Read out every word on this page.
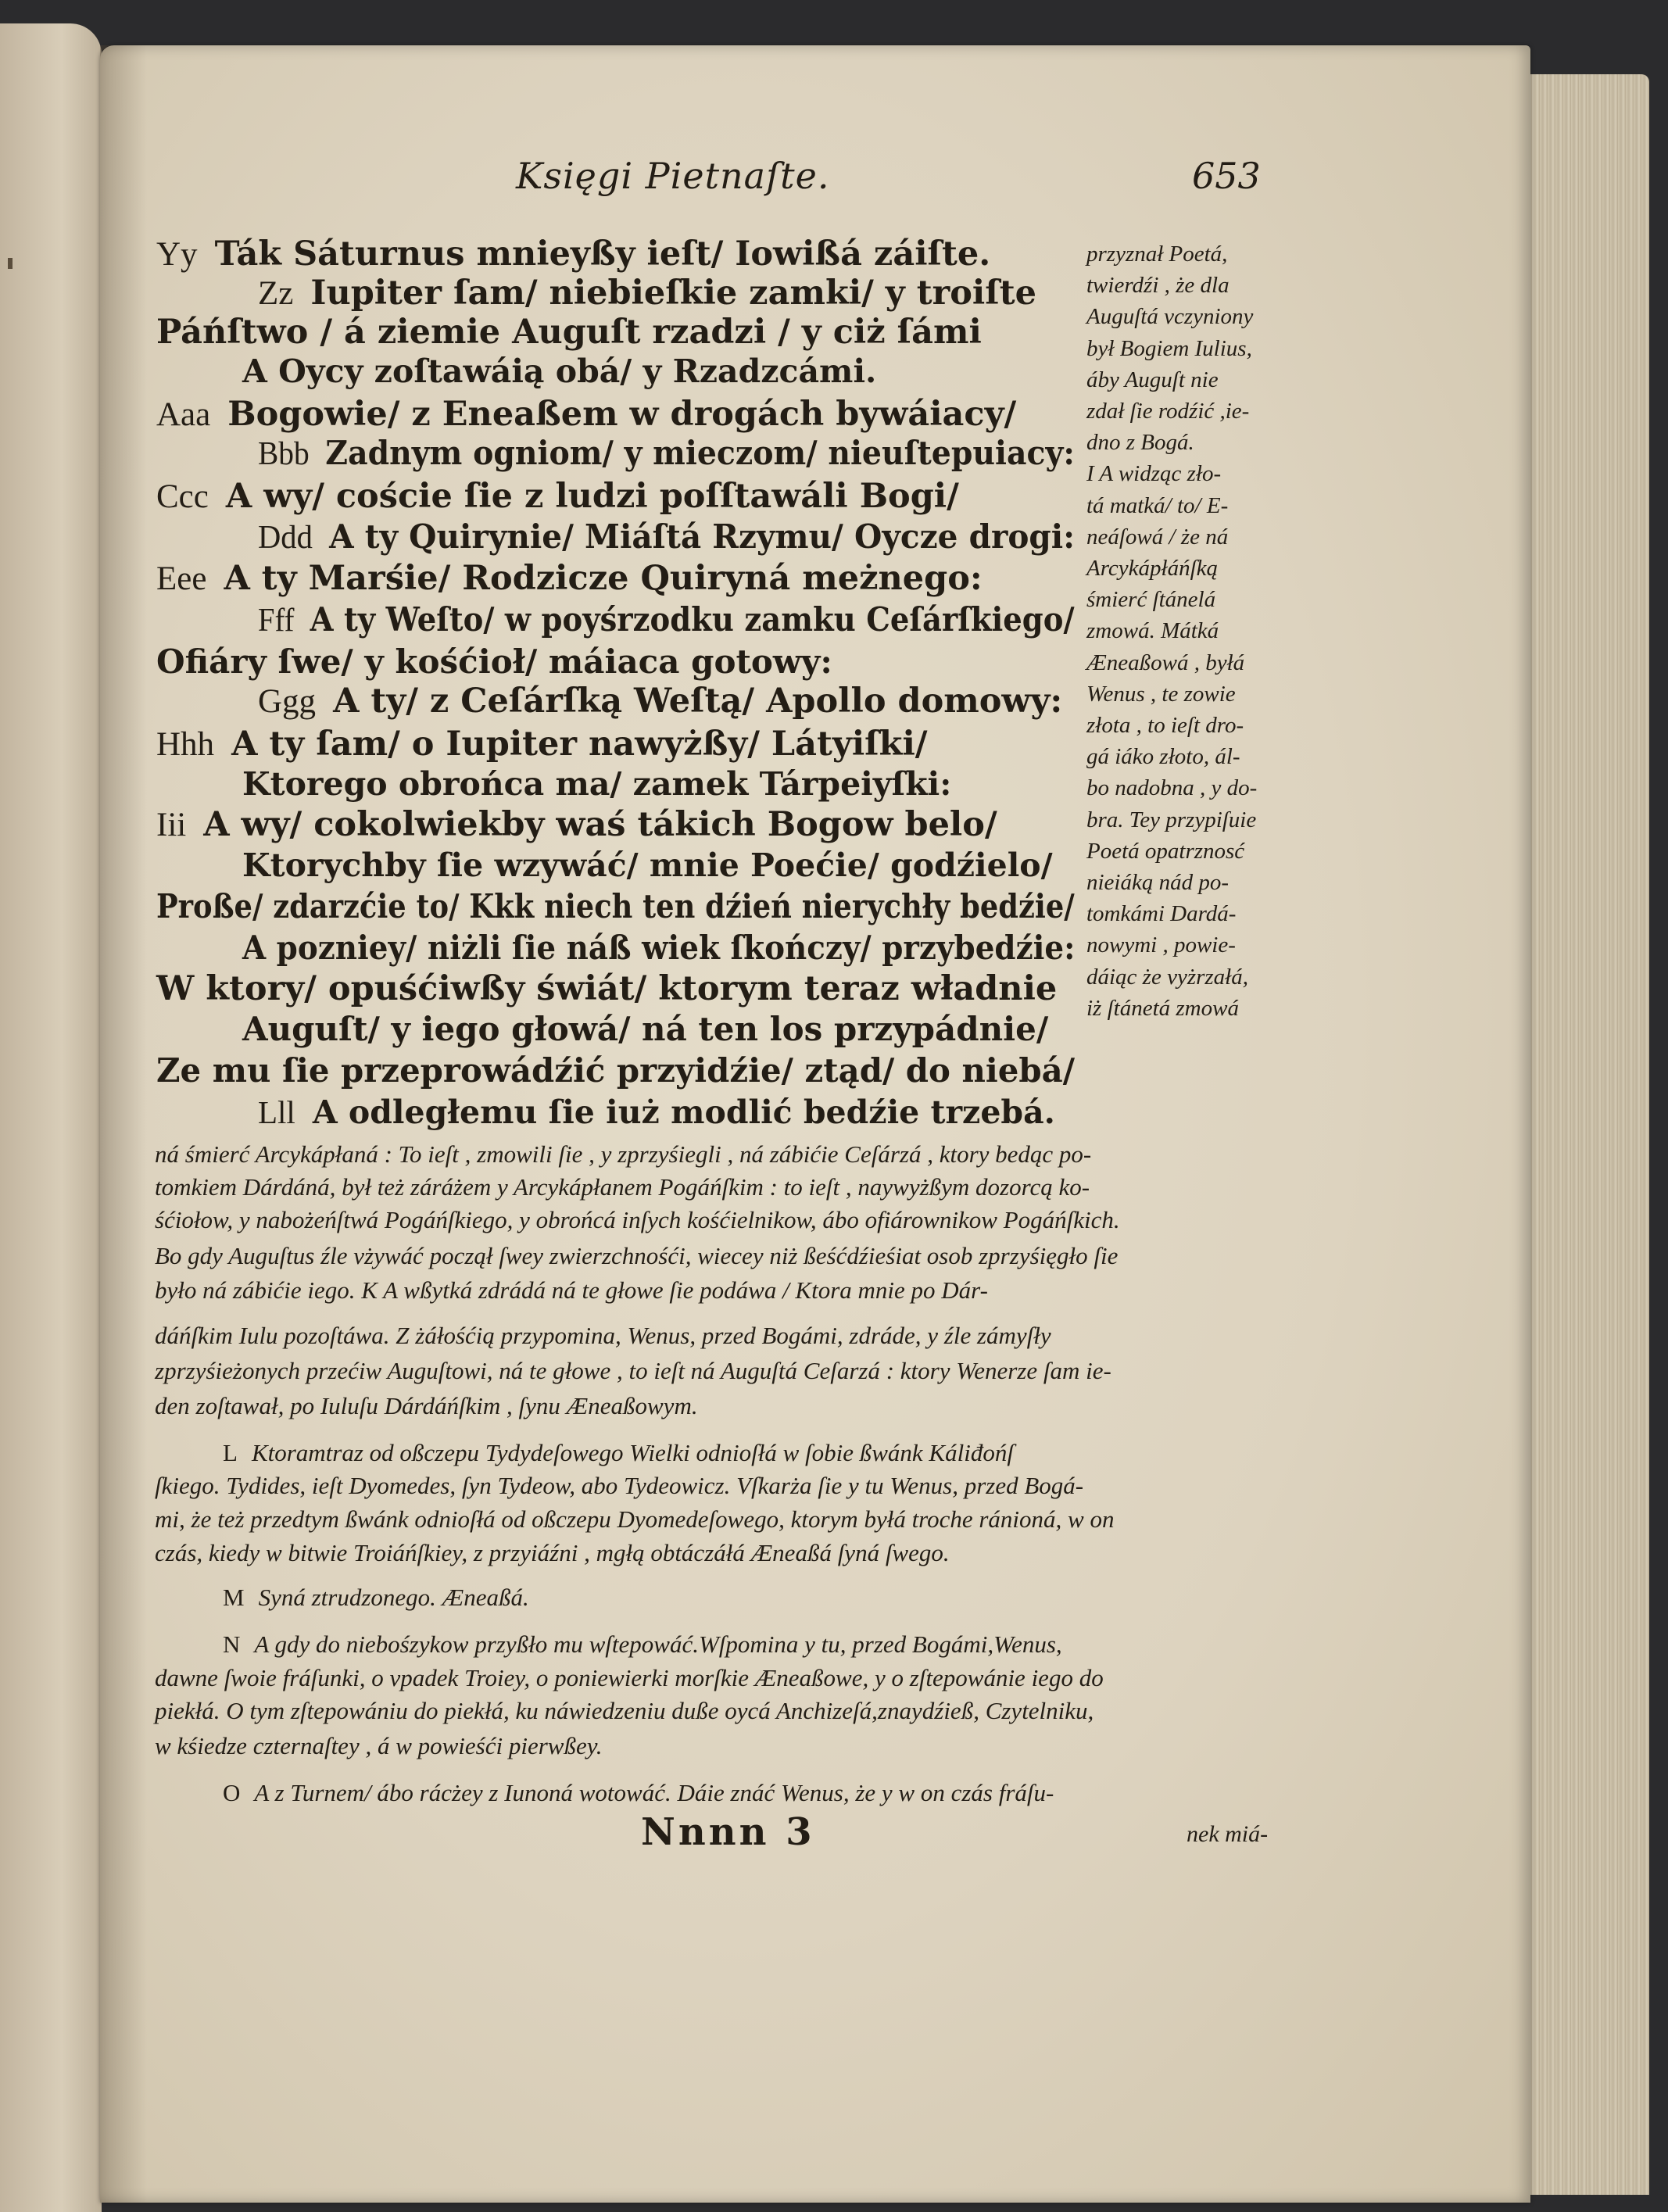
Księgi Pietnaſte.	653
Yy Ták Sáturnus mnieyßy ieſt/ Iowißá záiſte.
Zz Iupiter ſam/ niebieſkie zamki/ y troiſte
Páńſtwo / á ziemie Auguſt rzadzi / y ciż ſámi
A Oycy zoſtawáią obá/ y Rzadzcámi.
Aaa Bogowie/ z Eneaßem w drogách bywáiacy/
Bbb Zadnym ogniom/ y mieczom/ nieuſtepuiacy:
Ccc A wy/ coście ſie z ludzi poſſtawáli Bogi/
Ddd A ty Quirynie/ Miáſtá Rzymu/ Oycze drogi:
Eee A ty Marśie/ Rodzicze Quiryná meżnego:
Fff A ty Weſto/ w poyśrzodku zamku Ceſárſkiego/
Ofiáry ſwe/ y kośćioł/ máiaca gotowy:
Ggg A ty/ z Ceſárſką Weſtą/ Apollo domowy:
Hhh A ty ſam/ o Iupiter nawyżßy/ Látyiſki/
Ktorego obrońca ma/ zamek Tárpeiyſki:
Iii A wy/ cokolwiekby waś tákich Bogow belo/
Ktorychby ſie wzywáć/ mnie Poećie/ godźielo/
Proße/ zdarzćie to/ Kkk niech ten dźień nierychły bedźie/
A pozniey/ niżli ſie náß wiek ſkończy/ przybedźie:
W ktory/ opuśćiwßy świát/ ktorym teraz władnie
Auguſt/ y iego głowá/ ná ten los przypádnie/
Ze mu ſie przeprowádźić przyidźie/ ztąd/ do niebá/
Lll A odległemu ſie iuż modlić bedźie trzebá.
przyznał Poetá,
twierdźi , że dla
Auguſtá vczyniony
był Bogiem Iulius,
áby Auguſt nie
zdał ſie rodźić ,ie-
dno z Bogá.
I A widząc zło-
tá matká/ to/ E-
neáſowá / że ná
Arcykápłáńſką
śmierć ſtánelá
zmowá. Mátká
Æneaßowá , byłá
Wenus , te zowie
złota , to ieſt dro-
gá iáko złoto, ál-
bo nadobna , y do-
bra. Tey przypiſuie
Poetá opatrznosć
nieiáką nád po-
tomkámi Dardá-
nowymi , powie-
dáiąc że vyżrzałá,
iż ſtánetá zmowá
ná śmierć Arcykápłaná : To ieſt , zmowili ſie , y zprzyśiegli , ná zábićie Ceſárzá , ktory bedąc po-
tomkiem Dárdáná, był też záráżem y Arcykápłanem Pogáńſkim : to ieſt , naywyżßym dozorcą ko-
śćiołow, y nabożeńſtwá Pogáńſkiego, y obrońcá inſych kośćielnikow, ábo ofiárownikow Pogáńſkich.
Bo gdy Auguſtus źle vżywáć począł ſwey zwierzchnośći, wiecey niż ßeśćdźieśiat osob zprzyśięgło ſie
było ná zábićie iego. K A wßytká zdrádá ná te głowe ſie podáwa / Ktora mnie po Dár-
dáńſkim Iulu pozoſtáwa. Z żáłośćią przypomina, Wenus, przed Bogámi, zdráde, y źle zámyſły
zprzyśieżonych przećiw Auguſtowi, ná te głowe , to ieſt ná Auguſtá Ceſarzá : ktory Wenerze ſam ie-
den zoſtawał, po Iuluſu Dárdáńſkim , ſynu Æneaßowym.
L Ktoramtraz od oßczepu Tydydeſowego Wielki odnioſłá w ſobie ßwánk Káliđońſ
ſkiego. Tydides, ieſt Dyomedes, ſyn Tydeow, abo Tydeowicz. Vſkarża ſie y tu Wenus, przed Bogá-
mi, że też przedtym ßwánk odnioſłá od oßczepu Dyomedeſowego, ktorym byłá troche ránioná, w on
czás, kiedy w bitwie Troiáńſkiey, z przyiáźni , mgłą obtáczáłá Æneaßá ſyná ſwego.
M Syná ztrudzonego. Æneaßá.
N A gdy do niebośzykow przyßło mu wſtepowáć.Wſpomina y tu, przed Bogámi,Wenus,
dawne ſwoie fráſunki, o vpadek Troiey, o poniewierki morſkie Æneaßowe, y o zſtepowánie iego do
piekłá. O tym zſtepowániu do piekłá, ku náwiedzeniu duße oycá Anchizeſá,znaydźieß, Czytelniku,
w kśiedze czternaſtey , á w powieśći pierwßey.
O A z Turnem/ ábo rácżey z Iunoná wotowáć. Dáie znáć Wenus, że y w on czás fráſu-
Nnnn 3	nek miá-
